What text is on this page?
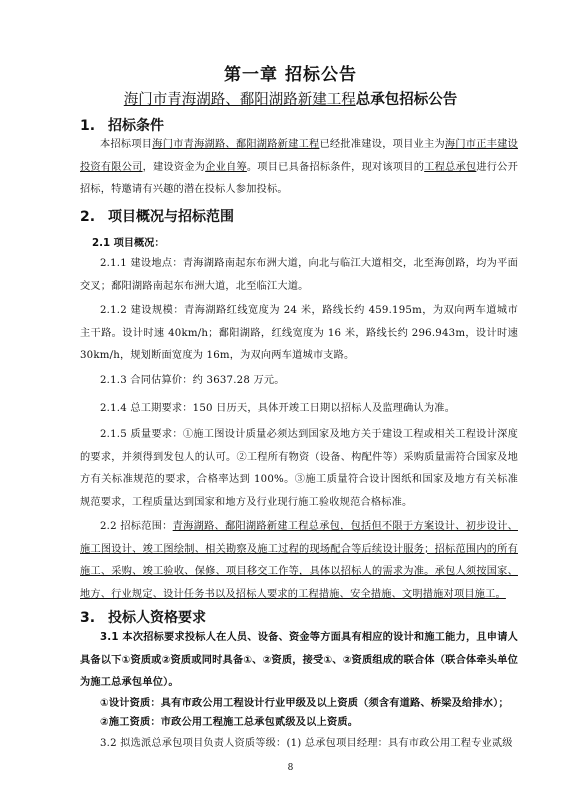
第一章 招标公告
海门市青海湖路、鄱阳湖路新建工程总承包招标公告
1. 招标条件

本招标项目海门市青海湖路、鄱阳湖路新建工程已经批准建设，项目业主为海门市正丰建设投资有限公司，建设资金为企业自筹。项目已具备招标条件，现对该项目的工程总承包进行公开招标，特邀请有兴趣的潜在投标人参加投标。

2. 项目概况与招标范围
2.1 项目概况：

2.1.1 建设地点：青海湖路南起东布洲大道，向北与临江大道相交，北至海创路，均为平面交叉；鄱阳湖路南起东布洲大道，北至临江大道。

2.1.2 建设规模：青海湖路红线宽度为 24 米，路线长约 459.195m，为双向两车道城市主干路。设计时速 40km/h；鄱阳湖路，红线宽度为 16 米，路线长约 296.943m，设计时速 30km/h，规划断面宽度为 16m，为双向两车道城市支路。

2.1.3 合同估算价：约 3637.28 万元。

2.1.4 总工期要求：150 日历天，具体开竣工日期以招标人及监理确认为准。

2.1.5 质量要求：①施工图设计质量必须达到国家及地方关于建设工程或相关工程设计深度的要求，并须得到发包人的认可。②工程所有物资（设备、构配件等）采购质量需符合国家及地方有关标准规范的要求，合格率达到 100%。③施工质量符合设计图纸和国家及地方有关标准规范要求，工程质量达到国家和地方及行业现行施工验收规范合格标准。

2.2 招标范围：青海湖路、鄱阳湖路新建工程总承包，包括但不限于方案设计、初步设计、施工图设计、竣工图绘制、相关勘察及施工过程的现场配合等后续设计服务；招标范围内的所有施工、采购、竣工验收、保修、项目移交工作等，具体以招标人的需求为准。承包人须按国家、地方、行业规定、设计任务书以及招标人要求的工程措施、安全措施、文明措施对项目施工。

3. 投标人资格要求

3.1 本次招标要求投标人在人员、设备、资金等方面具有相应的设计和施工能力，且申请人具备以下①资质或②资质或同时具备①、②资质，接受①、②资质组成的联合体（联合体牵头单位为施工总承包单位）。

①设计资质：具有市政公用工程设计行业甲级及以上资质（须含有道路、桥梁及给排水）；

②施工资质：市政公用工程施工总承包贰级及以上资质。

3.2 拟选派总承包项目负责人资质等级：(1) 总承包项目经理：具有市政公用工程专业贰级

8
